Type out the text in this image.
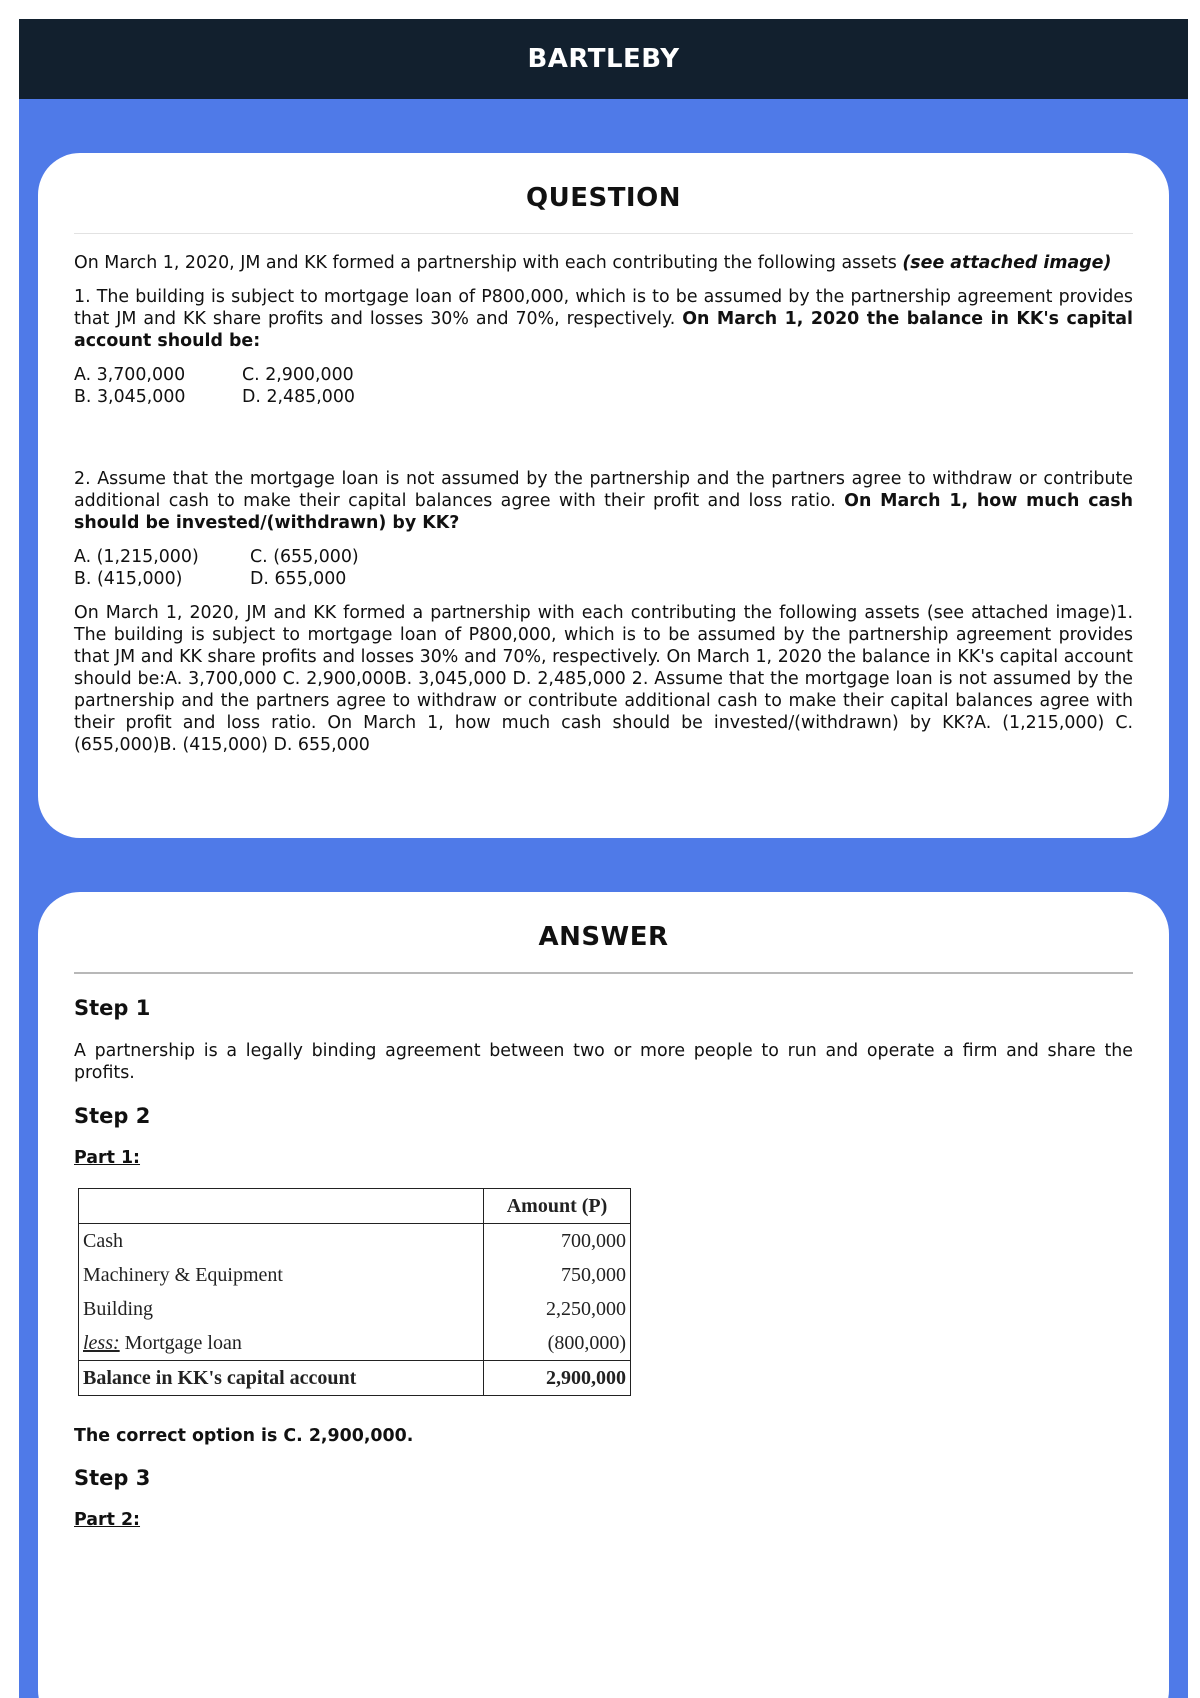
BARTLEBY
QUESTION

On March 1, 2020, JM and KK formed a partnership with each contributing the following assets (see attached image)

1. The building is subject to mortgage loan of P800,000, which is to be assumed by the partnership agreement provides that JM and KK share profits and losses 30% and 70%, respectively. On March 1, 2020 the balance in KK's capital account should be:

A. 3,700,000	C. 2,900,000
B. 3,045,000	D. 2,485,000

2. Assume that the mortgage loan is not assumed by the partnership and the partners agree to withdraw or contribute additional cash to make their capital balances agree with their profit and loss ratio. On March 1, how much cash should be invested/(withdrawn) by KK?

A. (1,215,000)	C. (655,000)
B. (415,000)	D. 655,000

On March 1, 2020, JM and KK formed a partnership with each contributing the following assets (see attached image)1. The building is subject to mortgage loan of P800,000, which is to be assumed by the partnership agreement provides that JM and KK share profits and losses 30% and 70%, respectively. On March 1, 2020 the balance in KK's capital account should be:A. 3,700,000 C. 2,900,000B. 3,045,000 D. 2,485,000 2. Assume that the mortgage loan is not assumed by the partnership and the partners agree to withdraw or contribute additional cash to make their capital balances agree with their profit and loss ratio. On March 1, how much cash should be invested/(withdrawn) by KK?A. (1,215,000) C. (655,000)B. (415,000) D. 655,000

ANSWER
Step 1

A partnership is a legally binding agreement between two or more people to run and operate a firm and share the profits.

Step 2
Part 1:
	Amount (P)
Cash	700,000
Machinery & Equipment	750,000
Building	2,250,000
less: Mortgage loan	(800,000)
Balance in KK's capital account	2,900,000
The correct option is C. 2,900,000.
Step 3
Part 2:
